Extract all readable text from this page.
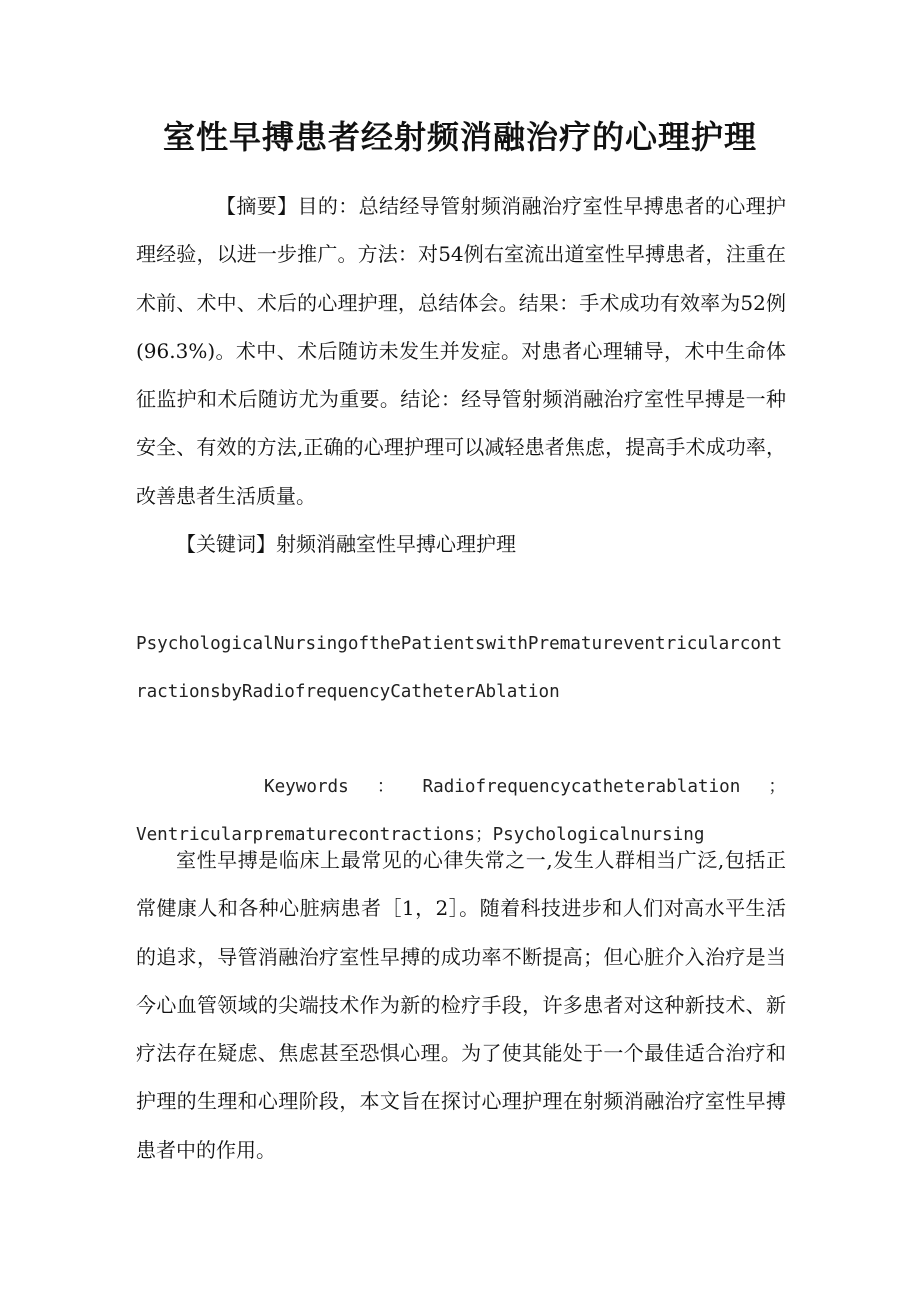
室性早搏患者经射频消融治疗的心理护理
【摘要】目的：总结经导管射频消融治疗室性早搏患者的心理护理经验，以进一步推广。方法：对54例右室流出道室性早搏患者，注重在术前、术中、术后的心理护理，总结体会。结果：手术成功有效率为52例(96.3%)。术中、术后随访未发生并发症。对患者心理辅导，术中生命体征监护和术后随访尤为重要。结论：经导管射频消融治疗室性早搏是一种安全、有效的方法,正确的心理护理可以减轻患者焦虑，提高手术成功率，改善患者生活质量。
【关键词】射频消融室性早搏心理护理
PsychologicalNursingofthePatientswithPrematureventricularcontractionsbyRadiofrequencyCatheterAblation
Keywords ： Radiofrequencycatheterablation ；
Ventricularprematurecontractions；Psychologicalnursing
室性早搏是临床上最常见的心律失常之一,发生人群相当广泛,包括正常健康人和各种心脏病患者［1，2］。随着科技进步和人们对高水平生活的追求，导管消融治疗室性早搏的成功率不断提高；但心脏介入治疗是当今心血管领域的尖端技术作为新的检疗手段，许多患者对这种新技术、新疗法存在疑虑、焦虑甚至恐惧心理。为了使其能处于一个最佳适合治疗和护理的生理和心理阶段，本文旨在探讨心理护理在射频消融治疗室性早搏患者中的作用。
